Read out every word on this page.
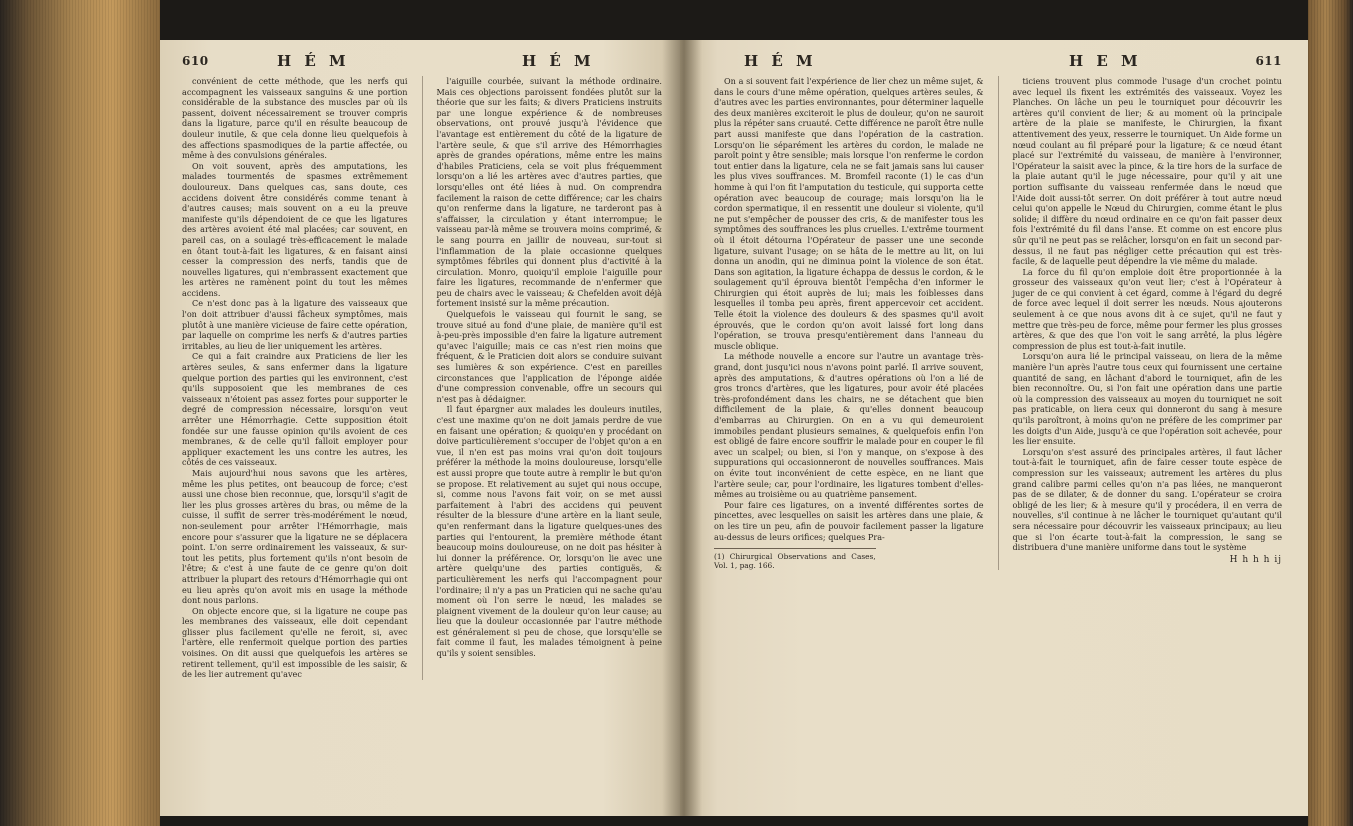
610	H É M	H É M

convénient de cette méthode, que les nerfs qui accompagnent les vaisseaux sanguins & une portion considérable de la substance des muscles par où ils passent, doivent nécessairement se trouver compris dans la ligature, parce qu'il en résulte beaucoup de douleur inutile, & que cela donne lieu quelquefois à des affections spasmodiques de la partie affectée, ou même à des convulsions générales.

On voit souvent, après des amputations, les malades tourmentés de spasmes extrêmement douloureux. Dans quelques cas, sans doute, ces accidens doivent être considérés comme tenant à d'autres causes; mais souvent on a eu la preuve manifeste qu'ils dépendoient de ce que les ligatures des artères avoient été mal placées; car souvent, en pareil cas, on a soulagé très-efficacement le malade en ôtant tout-à-fait les ligatures, & en faisant ainsi cesser la compression des nerfs, tandis que de nouvelles ligatures, qui n'embrassent exactement que les artères ne ramènent point du tout les mêmes accidens.

Ce n'est donc pas à la ligature des vaisseaux que l'on doit attribuer d'aussi fâcheux symptômes, mais plutôt à une manière vicieuse de faire cette opération, par laquelle on comprime les nerfs & d'autres parties irritables, au lieu de lier uniquement les artères.

Ce qui a fait craindre aux Praticiens de lier les artères seules, & sans enfermer dans la ligature quelque portion des parties qui les environnent, c'est qu'ils supposoient que les membranes de ces vaisseaux n'étoient pas assez fortes pour supporter le degré de compression nécessaire, lorsqu'on veut arrêter une Hémorrhagie. Cette supposition étoit fondée sur une fausse opinion qu'ils avoient de ces membranes, & de celle qu'il falloit employer pour appliquer exactement les uns contre les autres, les côtés de ces vaisseaux.

Mais aujourd'hui nous savons que les artères, même les plus petites, ont beaucoup de force; c'est aussi une chose bien reconnue, que, lorsqu'il s'agit de lier les plus grosses artères du bras, ou même de la cuisse, il suffit de serrer très-modérément le nœud, non-seulement pour arrêter l'Hémorrhagie, mais encore pour s'assurer que la ligature ne se déplacera point. L'on serre ordinairement les vaisseaux, & sur-tout les petits, plus fortement qu'ils n'ont besoin de l'être; & c'est à une faute de ce genre qu'on doit attribuer la plupart des retours d'Hémorrhagie qui ont eu lieu après qu'on avoit mis en usage la méthode dont nous parlons.

On objecte encore que, si la ligature ne coupe pas les membranes des vaisseaux, elle doit cependant glisser plus facilement qu'elle ne feroit, si, avec l'artère, elle renfermoit quelque portion des parties voisines. On dit aussi que quelquefois les artères se retirent tellement, qu'il est impossible de les saisir, & de les lier autrement qu'avec

l'aiguille courbée, suivant la méthode ordinaire. Mais ces objections paroissent fondées plutôt sur la théorie que sur les faits; & divers Praticiens instruits par une longue expérience & de nombreuses observations, ont prouvé jusqu'à l'évidence que l'avantage est entièrement du côté de la ligature de l'artère seule, & que s'il arrive des Hémorrhagies après de grandes opérations, même entre les mains d'habiles Praticiens, cela se voit plus fréquemment lorsqu'on a lié les artères avec d'autres parties, que lorsqu'elles ont été liées à nud. On comprendra facilement la raison de cette différence; car les chairs qu'on renferme dans la ligature, ne tarderont pas à s'affaisser, la circulation y étant interrompue; le vaisseau par-là même se trouvera moins comprimé, & le sang pourra en jaillir de nouveau, sur-tout si l'inflammation de la plaie occasionne quelques symptômes fébriles qui donnent plus d'activité à la circulation. Monro, quoiqu'il emploie l'aiguille pour faire les ligatures, recommande de n'enfermer que peu de chairs avec le vaisseau; & Chefelden avoit déjà fortement insisté sur la même précaution.

Quelquefois le vaisseau qui fournit le sang, se trouve situé au fond d'une plaie, de manière qu'il est à-peu-près impossible d'en faire la ligature autrement qu'avec l'aiguille; mais ce cas n'est rien moins que fréquent, & le Praticien doit alors se conduire suivant ses lumières & son expérience. C'est en pareilles circonstances que l'application de l'éponge aidée d'une compression convenable, offre un secours qui n'est pas à dédaigner.

Il faut épargner aux malades les douleurs inutiles, c'est une maxime qu'on ne doit jamais perdre de vue en faisant une opération; & quoiqu'en y procédant on doive particulièrement s'occuper de l'objet qu'on a en vue, il n'en est pas moins vrai qu'on doit toujours préférer la méthode la moins douloureuse, lorsqu'elle est aussi propre que toute autre à remplir le but qu'on se propose. Et relativement au sujet qui nous occupe, si, comme nous l'avons fait voir, on se met aussi parfaitement à l'abri des accidens qui peuvent résulter de la blessure d'une artère en la liant seule, qu'en renfermant dans la ligature quelques-unes des parties qui l'entourent, la première méthode étant beaucoup moins douloureuse, on ne doit pas hésiter à lui donner la préférence. Or, lorsqu'on lie avec une artère quelqu'une des parties contiguës, & particulièrement les nerfs qui l'accompagnent pour l'ordinaire; il n'y a pas un Praticien qui ne sache qu'au moment où l'on serre le nœud, les malades se plaignent vivement de la douleur qu'on leur cause; au lieu que la douleur occasionnée par l'autre méthode est généralement si peu de chose, que lorsqu'elle se fait comme il faut, les malades témoignent à peine qu'ils y soient sensibles.

H É M	H E M	611

On a si souvent fait l'expérience de lier chez un même sujet, & dans le cours d'une même opération, quelques artères seules, & d'autres avec les parties environnantes, pour déterminer laquelle des deux manières exciteroit le plus de douleur, qu'on ne sauroit plus la répéter sans cruauté. Cette différence ne paroît être nulle part aussi manifeste que dans l'opération de la castration. Lorsqu'on lie séparément les artères du cordon, le malade ne paroît point y être sensible; mais lorsque l'on renferme le cordon tout entier dans la ligature, cela ne se fait jamais sans lui causer les plus vives souffrances. M. Bromfeil raconte (1) le cas d'un homme à qui l'on fit l'amputation du testicule, qui supporta cette opération avec beaucoup de courage; mais lorsqu'on lia le cordon spermatique, il en ressentit une douleur si violente, qu'il ne put s'empêcher de pousser des cris, & de manifester tous les symptômes des souffrances les plus cruelles. L'extrême tourment où il étoit détourna l'Opérateur de passer une une seconde ligature, suivant l'usage; on se hâta de le mettre au lit, on lui donna un anodin, qui ne diminua point la violence de son état. Dans son agitation, la ligature échappa de dessus le cordon, & le soulagement qu'il éprouva bientôt l'empêcha d'en informer le Chirurgien qui étoit auprès de lui; mais les foiblesses dans lesquelles il tomba peu après, firent appercevoir cet accident. Telle étoit la violence des douleurs & des spasmes qu'il avoit éprouvés, que le cordon qu'on avoit laissé fort long dans l'opération, se trouva presqu'entièrement dans l'anneau du muscle oblique.

La méthode nouvelle a encore sur l'autre un avantage très-grand, dont jusqu'ici nous n'avons point parlé. Il arrive souvent, après des amputations, & d'autres opérations où l'on a lié de gros troncs d'artères, que les ligatures, pour avoir été placées très-profondément dans les chairs, ne se détachent que bien difficilement de la plaie, & qu'elles donnent beaucoup d'embarras au Chirurgien. On en a vu qui demeuroient immobiles pendant plusieurs semaines, & quelquefois enfin l'on est obligé de faire encore souffrir le malade pour en couper le fil avec un scalpel; ou bien, si l'on y manque, on s'expose à des suppurations qui occasionneront de nouvelles souffrances. Mais on évite tout inconvénient de cette espèce, en ne liant que l'artère seule; car, pour l'ordinaire, les ligatures tombent d'elles-mêmes au troisième ou au quatrième pansement.

Pour faire ces ligatures, on a inventé différentes sortes de pincettes, avec lesquelles on saisit les artères dans une plaie, & on les tire un peu, afin de pouvoir facilement passer la ligature au-dessus de leurs orifices; quelques Pra-

(1) Chirurgical Observations and Cases, Vol. 1, pag. 166.

ticiens trouvent plus commode l'usage d'un crochet pointu avec lequel ils fixent les extrémités des vaisseaux. Voyez les Planches. On lâche un peu le tourniquet pour découvrir les artères qu'il convient de lier; & au moment où la principale artère de la plaie se manifeste, le Chirurgien, la fixant attentivement des yeux, resserre le tourniquet. Un Aide forme un nœud coulant au fil préparé pour la ligature; & ce nœud étant placé sur l'extrémité du vaisseau, de manière à l'environner, l'Opérateur la saisit avec la pince, & la tire hors de la surface de la plaie autant qu'il le juge nécessaire, pour qu'il y ait une portion suffisante du vaisseau renfermée dans le nœud que l'Aide doit aussi-tôt serrer. On doit préférer à tout autre nœud celui qu'on appelle le Nœud du Chirurgien, comme étant le plus solide; il diffère du nœud ordinaire en ce qu'on fait passer deux fois l'extrémité du fil dans l'anse. Et comme on est encore plus sûr qu'il ne peut pas se relâcher, lorsqu'on en fait un second par-dessus, il ne faut pas négliger cette précaution qui est très-facile, & de laquelle peut dépendre la vie même du malade.

La force du fil qu'on emploie doit être proportionnée à la grosseur des vaisseaux qu'on veut lier; c'est à l'Opérateur à juger de ce qui convient à cet égard, comme à l'égard du degré de force avec lequel il doit serrer les nœuds. Nous ajouterons seulement à ce que nous avons dit à ce sujet, qu'il ne faut y mettre que très-peu de force, même pour fermer les plus grosses artères, & que des que l'on voit le sang arrêté, la plus légère compression de plus est tout-à-fait inutile.

Lorsqu'on aura lié le principal vaisseau, on liera de la même manière l'un après l'autre tous ceux qui fournissent une certaine quantité de sang, en lâchant d'abord le tourniquet, afin de les bien reconnoître. Ou, si l'on fait une opération dans une partie où la compression des vaisseaux au moyen du tourniquet ne soit pas praticable, on liera ceux qui donneront du sang à mesure qu'ils paroîtront, à moins qu'on ne préfère de les comprimer par les doigts d'un Aide, jusqu'à ce que l'opération soit achevée, pour les lier ensuite.

Lorsqu'on s'est assuré des principales artères, il faut lâcher tout-à-fait le tourniquet, afin de faire cesser toute espèce de compression sur les vaisseaux; autrement les artères du plus grand calibre parmi celles qu'on n'a pas liées, ne manqueront pas de se dilater, & de donner du sang. L'opérateur se croira obligé de les lier; & à mesure qu'il y procédera, il en verra de nouvelles, s'il continue à ne lâcher le tourniquet qu'autant qu'il sera nécessaire pour découvrir les vaisseaux principaux; au lieu que si l'on écarte tout-à-fait la compression, le sang se distribuera d'une manière uniforme dans tout le système

H h h h ij
